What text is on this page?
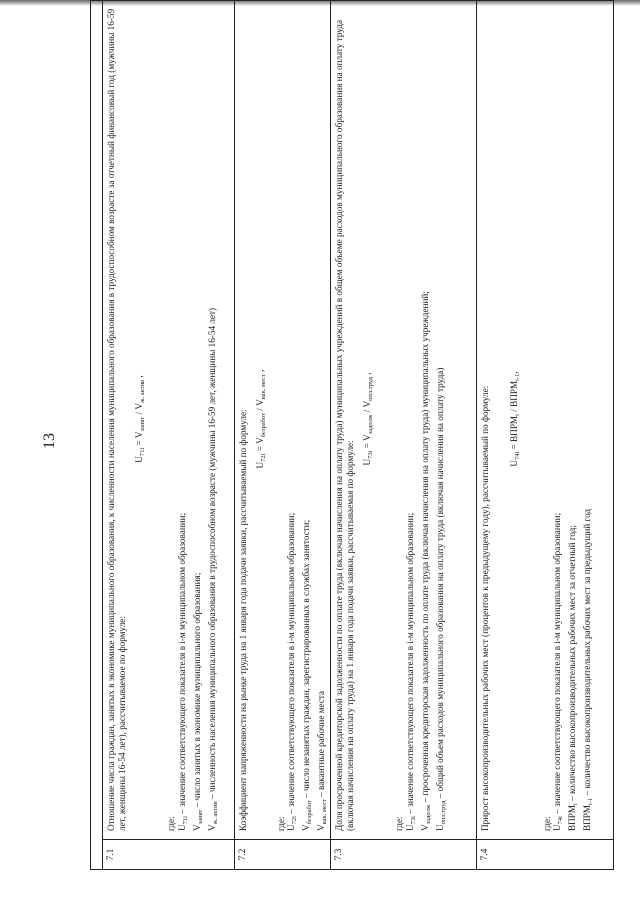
13
7.1

Отношение числа граждан, занятых в экономике муниципального образования, к численности населения муниципального образования в трудоспособном возрасте за отчетный финансовый год (мужчины 16-59 лет, женщины 16-54 лет), рассчитываемое по формуле:

$U_{71i} = V_{занят} / V_{ж. актив}$ ,

где: $U_{71i}$ – значение соответствующего показателя в i-м муниципальном образовании;

$V_{занят}$ – число занятых в экономике муниципального образования;

$V_{ж. актив}$ – численность населения муниципального образования в трудоспособном возрасте (мужчины 16-59 лет, женщины 16-54 лет)

7.2

Коэффициент напряженности на рынке труда на 1 января года подачи заявки, рассчитываемый по формуле: $U_{72i} = V_{безработ} / V_{вак. мест}$ ,

где: $U_{72i}$ – значение соответствующего показателя в i-м муниципальном образовании;

$V_{безработ}$ – число незанятых граждан, зарегистрированных в службах занятости;

$V_{вак. мест}$ – вакантные рабочие места

7.3

Доля просроченной кредиторской задолженности по оплате труда (включая начисления на оплату труда) муниципальных учреждений в общем объеме расходов муниципального образования на оплату труда (включая начисления на оплату труда) на 1 января года подачи заявки, рассчитываемая по формуле: $U_{73i} = V_{задолж} / V_{опл.труд}$ ,

где: $U_{73i}$ – значение соответствующего показателя в i-м муниципальном образовании;

$V_{задолж}$ – просроченная кредиторская задолженность по оплате труда (включая начисления на оплату труда) муниципальных учреждений;

$U_{опл.труд}$ – общий объем расходов муниципального образования на оплату труда (включая начисления на оплату труда)

7.4

Прирост высокопроизводительных рабочих мест (процентов к предыдущему году), рассчитываемый по формуле: $U_{74i}$ = $ВПРМ_i$ / $ВПРМ_{i-1}$,

где: $U_{74i}$ – значение соответствующего показателя в i-м муниципальном образовании;

$ВПРМ_i$ – количество высокопроизводительных рабочих мест за отчетный год;

$ВПРМ_{i-1}$ – количество высокопроизводительных рабочих мест за предыдущий год
